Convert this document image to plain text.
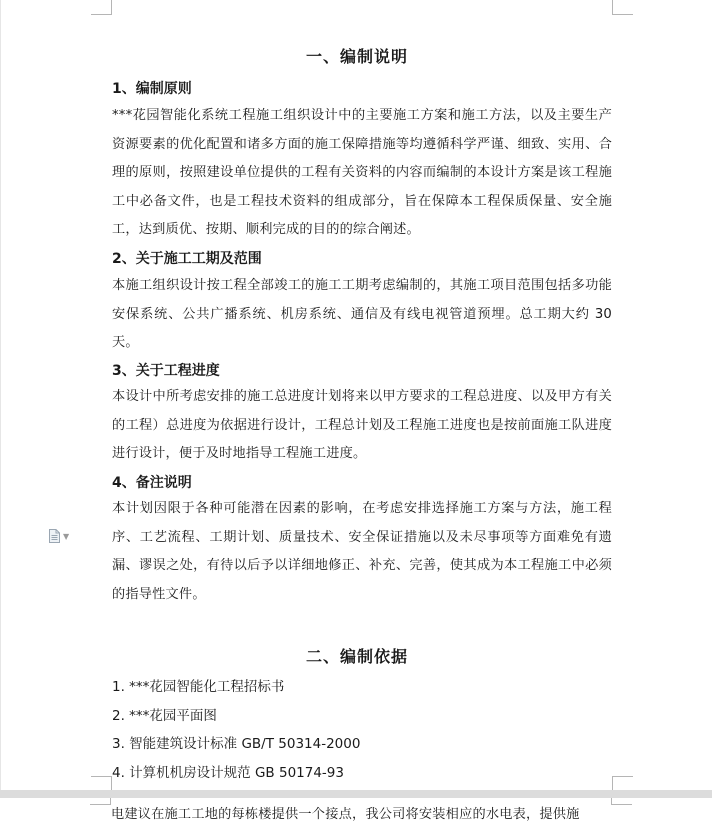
一、编制说明
1、编制原则
***花园智能化系统工程施工组织设计中的主要施工方案和施工方法，以及主要生产资源要素的优化配置和诸多方面的施工保障措施等均遵循科学严谨、细致、实用、合理的原则，按照建设单位提供的工程有关资料的内容而编制的本设计方案是该工程施工中必备文件，也是工程技术资料的组成部分，旨在保障本工程保质保量、安全施工，达到质优、按期、顺利完成的目的的综合阐述。
2、关于施工工期及范围
本施工组织设计按工程全部竣工的施工工期考虑编制的，其施工项目范围包括多功能安保系统、公共广播系统、机房系统、通信及有线电视管道预埋。总工期大约 30 天。
3、关于工程进度
本设计中所考虑安排的施工总进度计划将来以甲方要求的工程总进度、以及甲方有关的工程）总进度为依据进行设计，工程总计划及工程施工进度也是按前面施工队进度进行设计，便于及时地指导工程施工进度。
4、备注说明
本计划因限于各种可能潜在因素的影响，在考虑安排选择施工方案与方法，施工程序、工艺流程、工期计划、质量技术、安全保证措施以及未尽事项等方面难免有遗漏、谬误之处，有待以后予以详细地修正、补充、完善，使其成为本工程施工中必须的指导性文件。
▼
二、编制依据
1. ***花园智能化工程招标书
2. ***花园平面图
3. 智能建筑设计标准 GB/T 50314-2000
4. 计算机机房设计规范 GB 50174-93
电建议在施工工地的每栋楼提供一个接点，我公司将安装相应的水电表，提供施
